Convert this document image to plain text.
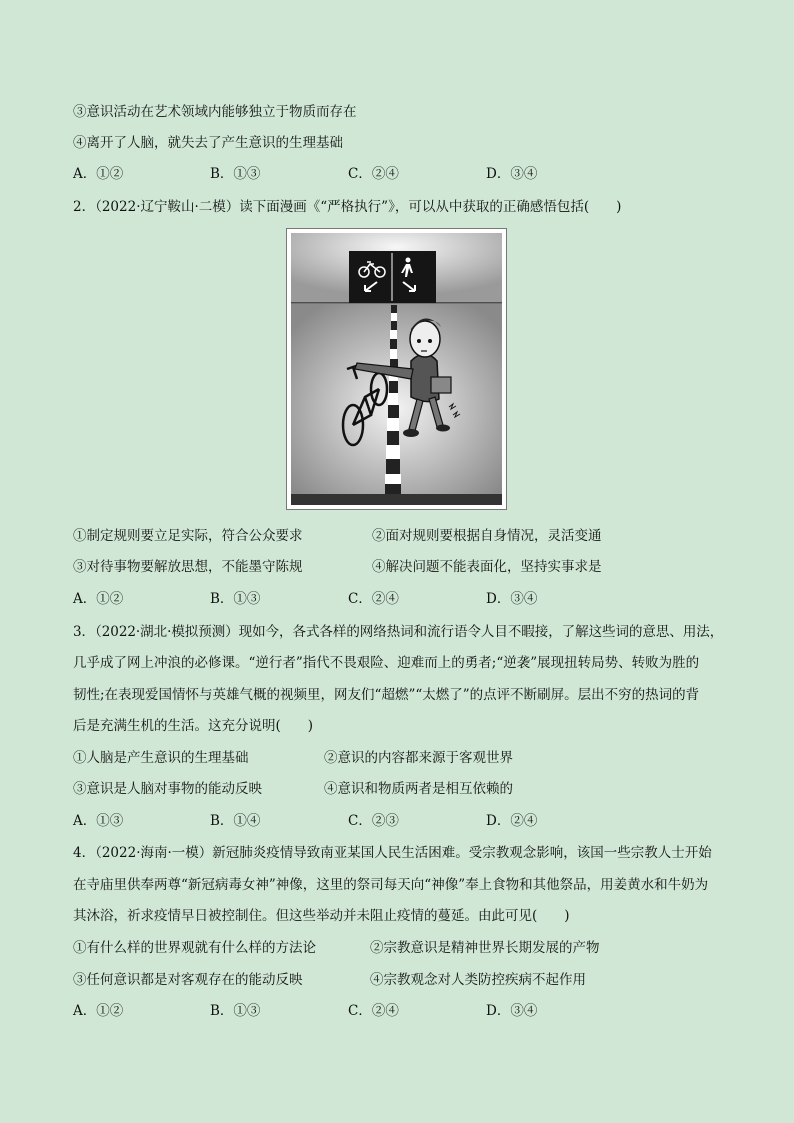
③意识活动在艺术领域内能够独立于物质而存在
④离开了人脑，就失去了产生意识的生理基础
A．①②	B．①③	C．②④	D．③④
2．（2022·辽宁鞍山·二模）读下面漫画《“严格执行”》，可以从中获取的正确感悟包括(　　)
①制定规则要立足实际，符合公众要求	②面对规则要根据自身情况，灵活变通
③对待事物要解放思想，不能墨守陈规	④解决问题不能表面化，坚持实事求是
A．①②	B．①③	C．②④	D．③④
3．（2022·湖北·模拟预测）现如今，各式各样的网络热词和流行语令人目不暇接，了解这些词的意思、用法，
几乎成了网上冲浪的必修课。“逆行者”指代不畏艰险、迎难而上的勇者;“逆袭”展现扭转局势、转败为胜的
韧性;在表现爱国情怀与英雄气概的视频里，网友们“超燃”“太燃了”的点评不断刷屏。层出不穷的热词的背
后是充满生机的生活。这充分说明(　　)
①人脑是产生意识的生理基础	②意识的内容都来源于客观世界
③意识是人脑对事物的能动反映	④意识和物质两者是相互依赖的
A．①③	B．①④	C．②③	D．②④
4．（2022·海南·一模）新冠肺炎疫情导致南亚某国人民生活困难。受宗教观念影响，该国一些宗教人士开始
在寺庙里供奉两尊“新冠病毒女神”神像，这里的祭司每天向“神像”奉上食物和其他祭品，用姜黄水和牛奶为
其沐浴，祈求疫情早日被控制住。但这些举动并未阻止疫情的蔓延。由此可见(　　)
①有什么样的世界观就有什么样的方法论	②宗教意识是精神世界长期发展的产物
③任何意识都是对客观存在的能动反映	④宗教观念对人类防控疾病不起作用
A．①②	B．①③	C．②④	D．③④
